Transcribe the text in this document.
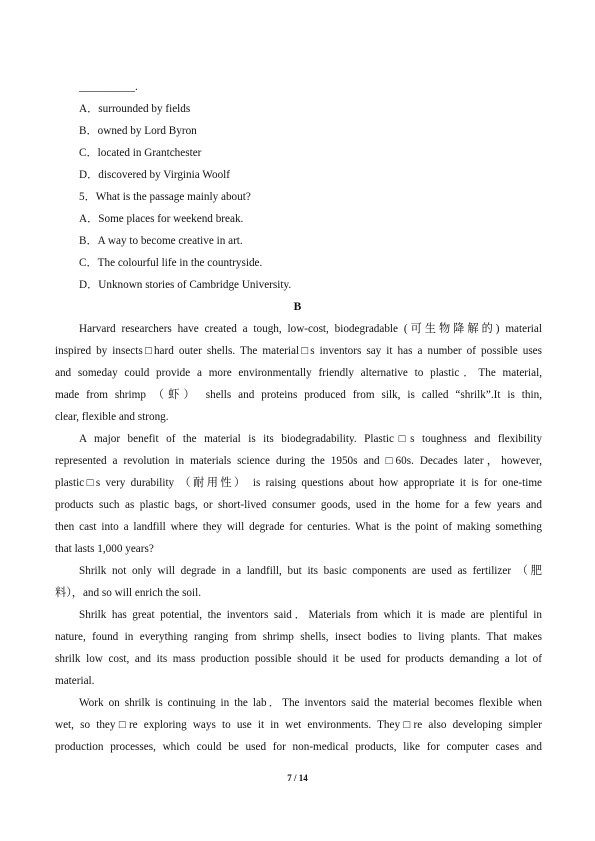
__________.
A．surrounded by fields
B．owned by Lord Byron
C．located in Grantchester
D．discovered by Virginia Woolf
5．What is the passage mainly about?
A．Some places for weekend break.
B．A way to become creative in art.
C．The colourful life in the countryside.
D．Unknown stories of Cambridge University.
B
Harvard researchers have created a tough, low-cost, biodegradable (可生物降解的) material
inspired by insects□hard outer shells. The material□s inventors say it has a number of possible uses
and someday could provide a more environmentally friendly alternative to plastic．The material,
made from shrimp （虾） shells and proteins produced from silk, is called “shrilk”.It is thin,
clear, flexible and strong.
A major benefit of the material is its biodegradability. Plastic□s toughness and flexibility
represented a revolution in materials science during the 1950s and □60s. Decades later，however,
plastic□s very durability （耐用性） is raising questions about how appropriate it is for one-time
products such as plastic bags, or short-lived consumer goods, used in the home for a few years and
then cast into a landfill where they will degrade for centuries. What is the point of making something
that lasts 1,000 years?
Shrilk not only will degrade in a landfill, but its basic components are used as fertilizer （肥
料），and so will enrich the soil.
Shrilk has great potential, the inventors said．Materials from which it is made are plentiful in
nature, found in everything ranging from shrimp shells, insect bodies to living plants. That makes
shrilk low cost, and its mass production possible should it be used for products demanding a lot of
material.
Work on shrilk is continuing in the lab．The inventors said the material becomes flexible when
wet, so they□re exploring ways to use it in wet environments. They□re also developing simpler
production processes, which could be used for non-medical products, like for computer cases and
7 / 14
